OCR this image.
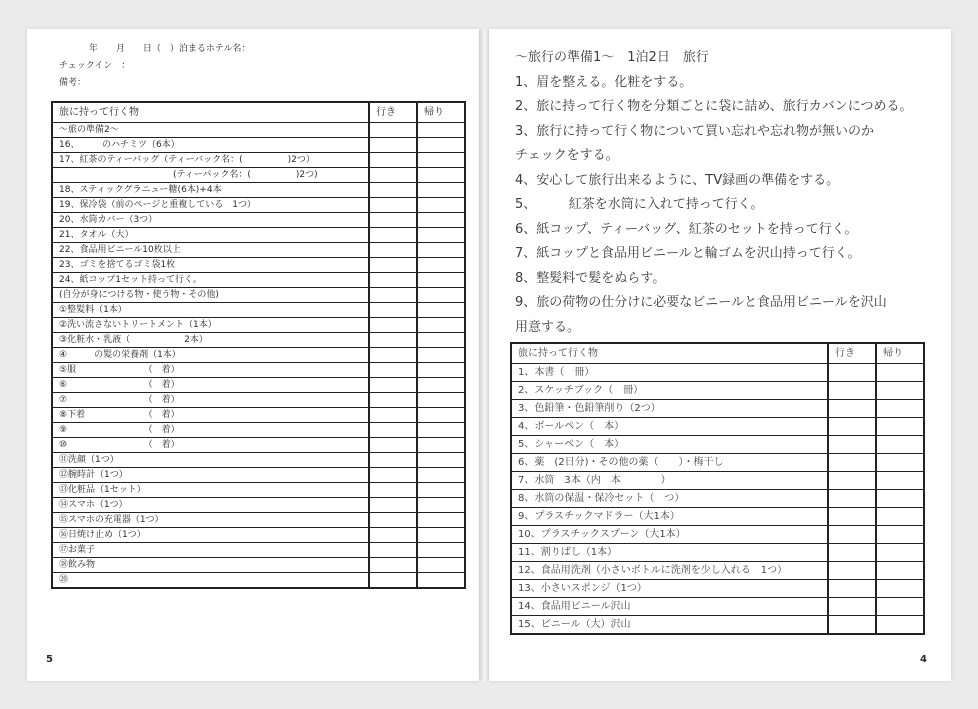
　　　 年　　月　　日（　）泊まるホテル名：
チェックイン　：
備考：
旅に持って行く物	行き	帰り
～旅の準備2～		
16、　　　のハチミツ（6本）		
17、紅茶のティーバッグ（ティーバック名：(　　　　　)2つ）		
(ティーパック名：(　　　　　)2つ)		
18、スティックグラニュー糖(6本)+4本		
19、保冷袋（前のページと重複している　1つ）		
20、水筒カバー（3つ）		
21、タオル（大）		
22、食品用ビニール10枚以上		
23、ゴミを捨てるゴミ袋1枚		
24、紙コップ1セット持って行く。		
(自分が身につける物・使う物・その他)		
①整髪料（1本）		
②洗い流さないトリートメント（1本）		
③化粧水・乳液（　　　　　　2本）		
④　　　の髪の栄養剤（1本）		
⑤服　　　　　　　　（　着）		
⑥　　　　　　　　　（　着）		
⑦　　　　　　　　　（　着）		
⑧下着　　　　　　　（　着）		
⑨　　　　　　　　　（　着）		
⑩　　　　　　　　　（　着）		
⑪洗顔（1つ）		
⑫腕時計（1つ）		
⑬化粧品（1セット）		
⑭スマホ（1つ）		
⑮スマホの充電器（1つ）		
⑯日焼け止め（1つ）		
⑰お菓子		
⑱飲み物		
⑳		
5
～旅行の準備1～　1泊2日　旅行
1、眉を整える。化粧をする。
2、旅に持って行く物を分類ごとに袋に詰め、旅行カバンにつめる。
3、旅行に持って行く物について買い忘れや忘れ物が無いのか
チェックをする。
4、安心して旅行出来るように、TV録画の準備をする。
5、　　　紅茶を水筒に入れて持って行く。
6、紙コップ、ティーバッグ、紅茶のセットを持って行く。
7、紙コップと食品用ビニールと輪ゴムを沢山持って行く。
8、整髪料で髪をぬらす。
9、旅の荷物の仕分けに必要なビニールと食品用ビニールを沢山
用意する。
旅に持って行く物	行き	帰り
1、本書（　冊）		
2、スケッチブック（　冊）		
3、色鉛筆・色鉛筆削り（2つ）		
4、ボールペン（　本）		
5、シャーペン（　本）		
6、薬　(2日分)・その他の薬（　　）・梅干し		
7、水筒　3本（内　本　　　　）		
8、水筒の保温・保冷セット（　つ）		
9、プラスチックマドラー（大1本）		
10、プラスチックスプーン（大1本）		
11、割りばし（1本）		
12、食品用洗剤（小さいボトルに洗剤を少し入れる　1つ）		
13、小さいスポンジ（1つ）		
14、食品用ビニール沢山		
15、ビニール（大）沢山		
4
